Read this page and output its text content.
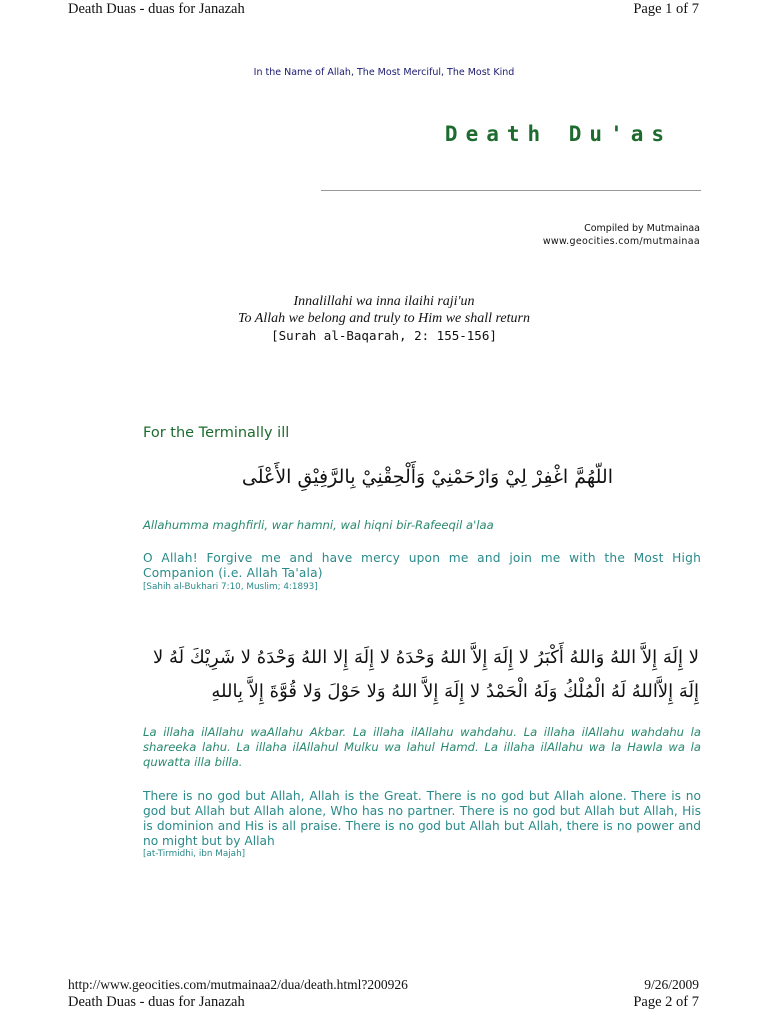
Death Duas - duas for Janazah	Page 1 of 7
In the Name of Allah, The Most Merciful, The Most Kind
Death Du'as
Compiled by Mutmainaa
www.geocities.com/mutmainaa
Innalillahi wa inna ilaihi raji'un
To Allah we belong and truly to Him we shall return
[Surah al-Baqarah, 2: 155-156]
For the Terminally ill
اللّهُمَّ اغْفِرْ لِيْ وَارْحَمْنِيْ وَأَلْحِقْنِيْ بِالرَّفِيْقِ الأَعْلَى
Allahumma maghfirli, war hamni, wal hiqni bir-Rafeeqil a'laa
O Allah! Forgive me and have mercy upon me and join me with the Most High Companion (i.e. Allah Ta'ala)
[Sahih al-Bukhari 7:10, Muslim; 4:1893]
لا إِلَهَ إِلاَّ اللهُ وَاللهُ أَكْبَرُ لا إِلَهَ إِلاَّ اللهُ وَحْدَهُ لا إِلَهَ إِلا اللهُ وَحْدَهُ لا شَرِيْكَ لَهُ لا إِلَهَ إِلاَّاللهُ لَهُ الْمُلْكُ وَلَهُ الْحَمْدُ لا إِلَهَ إِلاَّ اللهُ وَلا حَوْلَ وَلا قُوَّةَ إِلاَّ بِاللهِ
La illaha ilAllahu waAllahu Akbar. La illaha ilAllahu wahdahu. La illaha ilAllahu wahdahu la shareeka lahu. La illaha ilAllahul Mulku wa lahul Hamd. La illaha ilAllahu wa la Hawla wa la quwatta illa billa.
There is no god but Allah, Allah is the Great. There is no god but Allah alone. There is no god but Allah but Allah alone, Who has no partner. There is no god but Allah but Allah, His is dominion and His is all praise. There is no god but Allah but Allah, there is no power and no might but by Allah
[at-Tirmidhi, ibn Majah]
http://www.geocities.com/mutmainaa2/dua/death.html?200926	9/26/2009
Death Duas - duas for Janazah	Page 2 of 7
